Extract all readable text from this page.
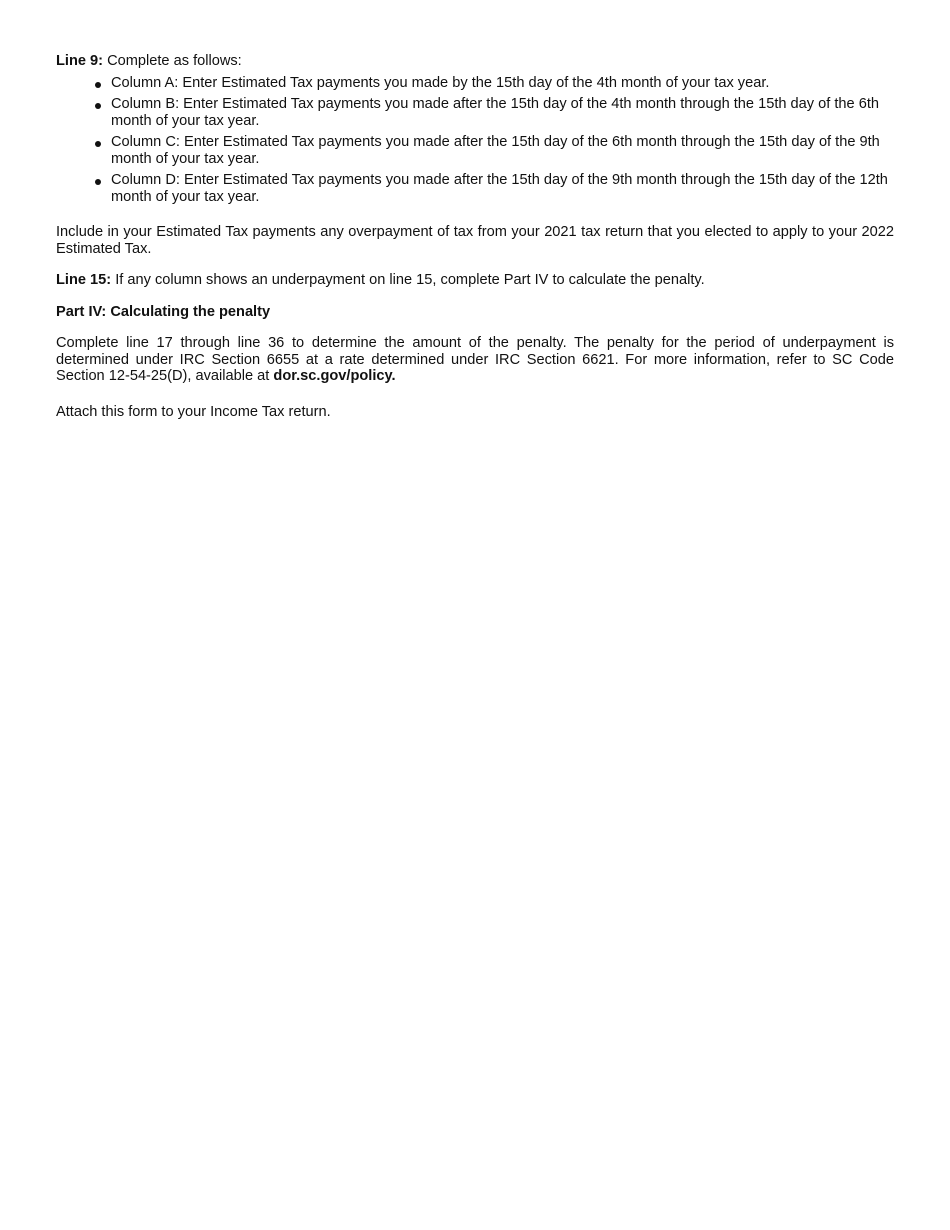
Line 9: Complete as follows:

Column A: Enter Estimated Tax payments you made by the 15th day of the 4th month of your tax year.
Column B: Enter Estimated Tax payments you made after the 15th day of the 4th month through the 15th day of the 6th month of your tax year.
Column C: Enter Estimated Tax payments you made after the 15th day of the 6th month through the 15th day of the 9th month of your tax year.
Column D: Enter Estimated Tax payments you made after the 15th day of the 9th month through the 15th day of the 12th month of your tax year.

Include in your Estimated Tax payments any overpayment of tax from your 2021 tax return that you elected to apply to your 2022 Estimated Tax.

Line 15: If any column shows an underpayment on line 15, complete Part IV to calculate the penalty.

Part IV: Calculating the penalty

Complete line 17 through line 36 to determine the amount of the penalty. The penalty for the period of underpayment is determined under IRC Section 6655 at a rate determined under IRC Section 6621. For more information, refer to SC Code Section 12-54-25(D), available at dor.sc.gov/policy.

Attach this form to your Income Tax return.
